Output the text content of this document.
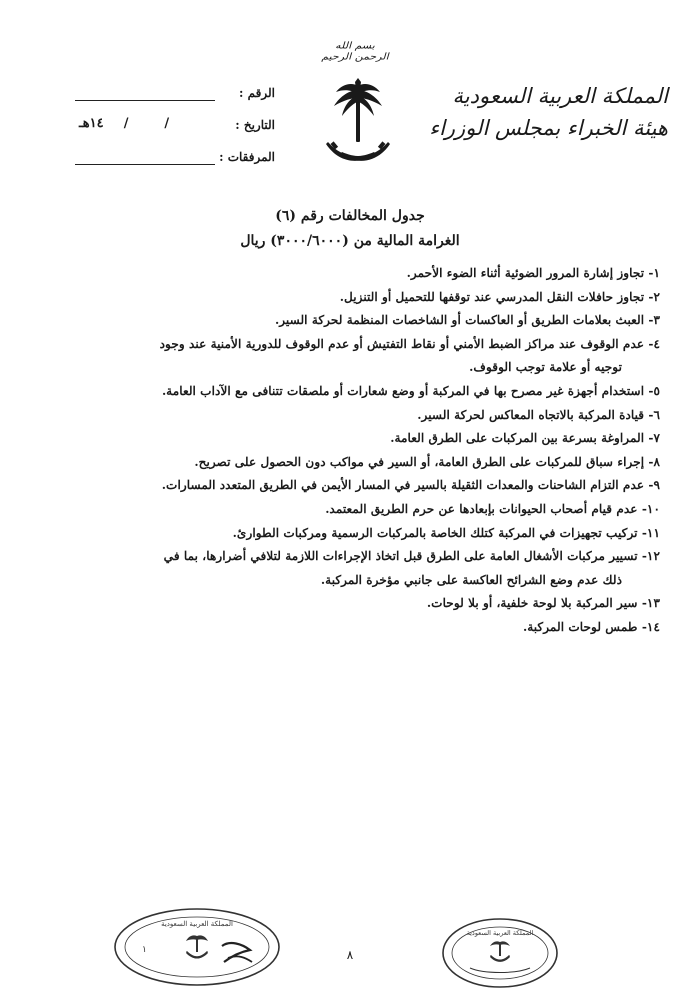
بسم الله الرحمن الرحيم
المملكة العربية السعودية
هيئة الخبراء بمجلس الوزراء
الرقم :
التاريخ :
١٤هـ /	/
المرفقات :
جدول المخالفات رقم (٦)
الغرامة المالية من (٣٠٠٠/٦٠٠٠) ريال
١- تجاوز إشارة المرور الضوئية أثناء الضوء الأحمر.
٢- تجاوز حافلات النقل المدرسي عند توقفها للتحميل أو التنزيل.
٣- العبث بعلامات الطريق أو العاكسات أو الشاخصات المنظمة لحركة السير.
٤- عدم الوقوف عند مراكز الضبط الأمني أو نقاط التفتيش أو عدم الوقوف للدورية الأمنية عند وجود
توجيه أو علامة توجب الوقوف.
٥- استخدام أجهزة غير مصرح بها في المركبة أو وضع شعارات أو ملصقات تتنافى مع الآداب العامة.
٦- قيادة المركبة بالاتجاه المعاكس لحركة السير.
٧- المراوغة بسرعة بين المركبات على الطرق العامة.
٨- إجراء سباق للمركبات على الطرق العامة، أو السير في مواكب دون الحصول على تصريح.
٩- عدم التزام الشاحنات والمعدات الثقيلة بالسير في المسار الأيمن في الطريق المتعدد المسارات.
١٠- عدم قيام أصحاب الحيوانات بإبعادها عن حرم الطريق المعتمد.
١١- تركيب تجهيزات في المركبة كتلك الخاصة بالمركبات الرسمية ومركبات الطوارئ.
١٢- تسيير مركبات الأشغال العامة على الطرق قبل اتخاذ الإجراءات اللازمة لتلافي أضرارها، بما في
ذلك عدم وضع الشرائح العاكسة على جانبي مؤخرة المركبة.
١٣- سير المركبة بلا لوحة خلفية، أو بلا لوحات.
١٤- طمس لوحات المركبة.
المملكة العربية السعودية
١	٨
المملكة العربية السعودية
